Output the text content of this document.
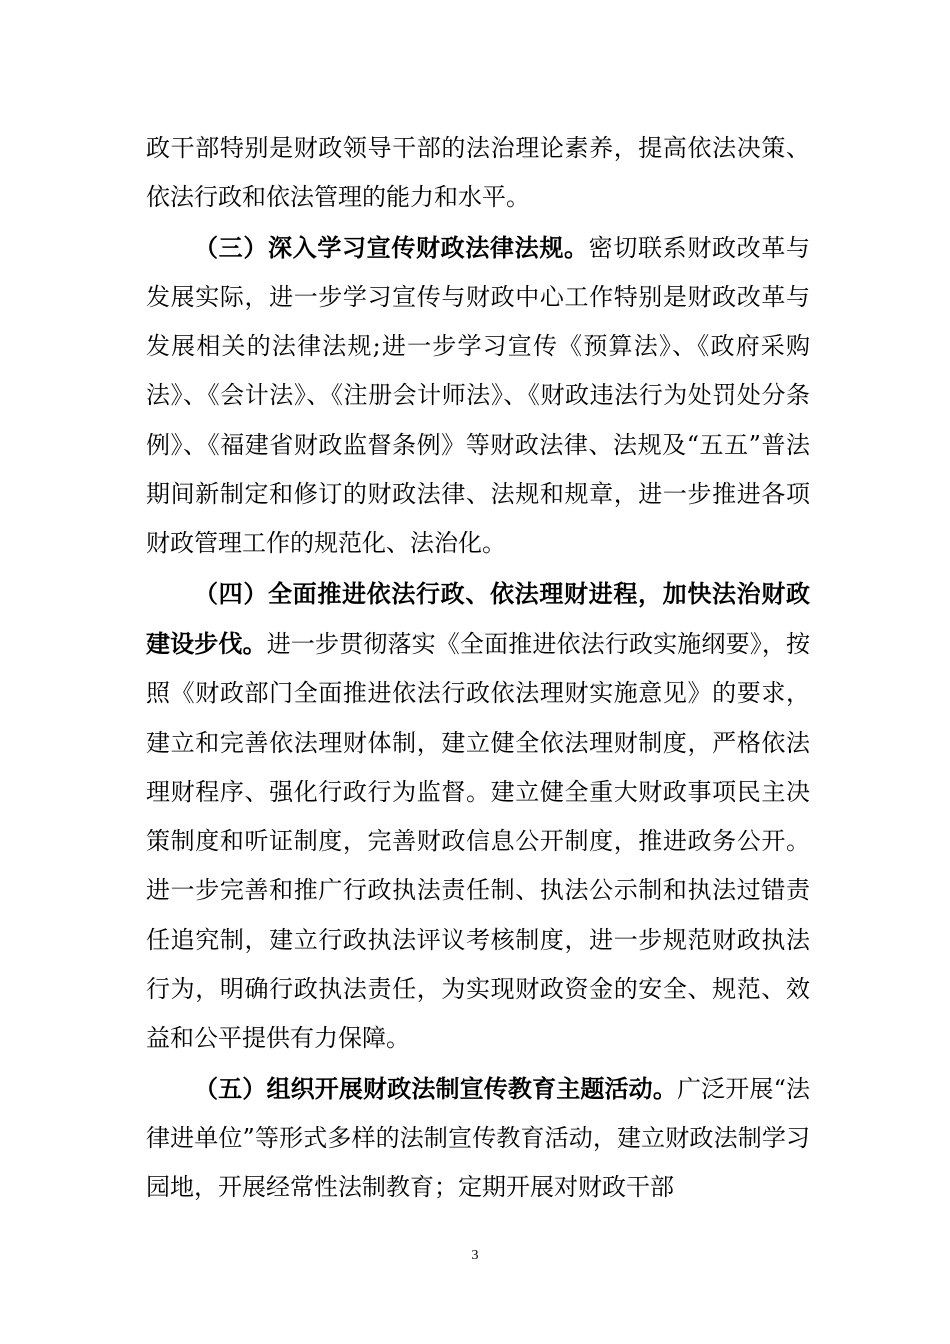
政干部特别是财政领导干部的法治理论素养，提高依法决策、依法行政和依法管理的能力和水平。

（三）深入学习宣传财政法律法规。密切联系财政改革与发展实际，进一步学习宣传与财政中心工作特别是财政改革与发展相关的法律法规;进一步学习宣传《预算法》、《政府采购法》、《会计法》、《注册会计师法》、《财政违法行为处罚处分条例》、《福建省财政监督条例》等财政法律、法规及“五五”普法期间新制定和修订的财政法律、法规和规章，进一步推进各项财政管理工作的规范化、法治化。

（四）全面推进依法行政、依法理财进程，加快法治财政建设步伐。进一步贯彻落实《全面推进依法行政实施纲要》，按照《财政部门全面推进依法行政依法理财实施意见》的要求，建立和完善依法理财体制，建立健全依法理财制度，严格依法理财程序、强化行政行为监督。建立健全重大财政事项民主决策制度和听证制度，完善财政信息公开制度，推进政务公开。进一步完善和推广行政执法责任制、执法公示制和执法过错责任追究制，建立行政执法评议考核制度，进一步规范财政执法行为，明确行政执法责任，为实现财政资金的安全、规范、效益和公平提供有力保障。

（五）组织开展财政法制宣传教育主题活动。广泛开展“法律进单位”等形式多样的法制宣传教育活动，建立财政法制学习园地，开展经常性法制教育；定期开展对财政干部

3
